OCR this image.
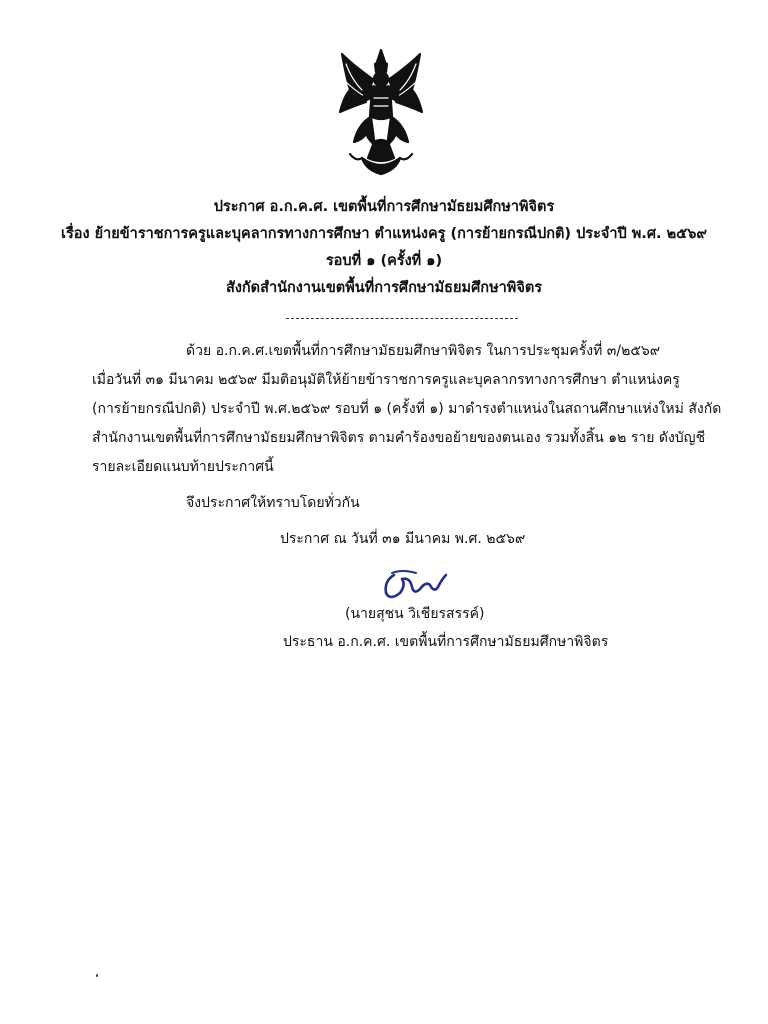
ประกาศ อ.ก.ค.ศ. เขตพื้นที่การศึกษามัธยมศึกษาพิจิตร
เรื่อง ย้ายข้าราชการครูและบุคลากรทางการศึกษา ตำแหน่งครู (การย้ายกรณีปกติ) ประจำปี พ.ศ. ๒๕๖๙
รอบที่ ๑ (ครั้งที่ ๑)
สังกัดสำนักงานเขตพื้นที่การศึกษามัธยมศึกษาพิจิตร
ด้วย อ.ก.ค.ศ.เขตพื้นที่การศึกษามัธยมศึกษาพิจิตร ในการประชุมครั้งที่ ๓/๒๕๖๙
เมื่อวันที่ ๓๑ มีนาคม ๒๕๖๙ มีมติอนุมัติให้ย้ายข้าราชการครูและบุคลากรทางการศึกษา ตำแหน่งครู
(การย้ายกรณีปกติ) ประจำปี พ.ศ.๒๕๖๙ รอบที่ ๑ (ครั้งที่ ๑) มาดำรงตำแหน่งในสถานศึกษาแห่งใหม่ สังกัด
สำนักงานเขตพื้นที่การศึกษามัธยมศึกษาพิจิตร ตามคำร้องขอย้ายของตนเอง รวมทั้งสิ้น ๑๒ ราย ดังบัญชี
รายละเอียดแนบท้ายประกาศนี้
จึงประกาศให้ทราบโดยทั่วกัน
ประกาศ ณ วันที่ ๓๑ มีนาคม พ.ศ. ๒๕๖๙
(นายสุชน วิเชียรสรรค์)
ประธาน อ.ก.ค.ศ. เขตพื้นที่การศึกษามัธยมศึกษาพิจิตร
